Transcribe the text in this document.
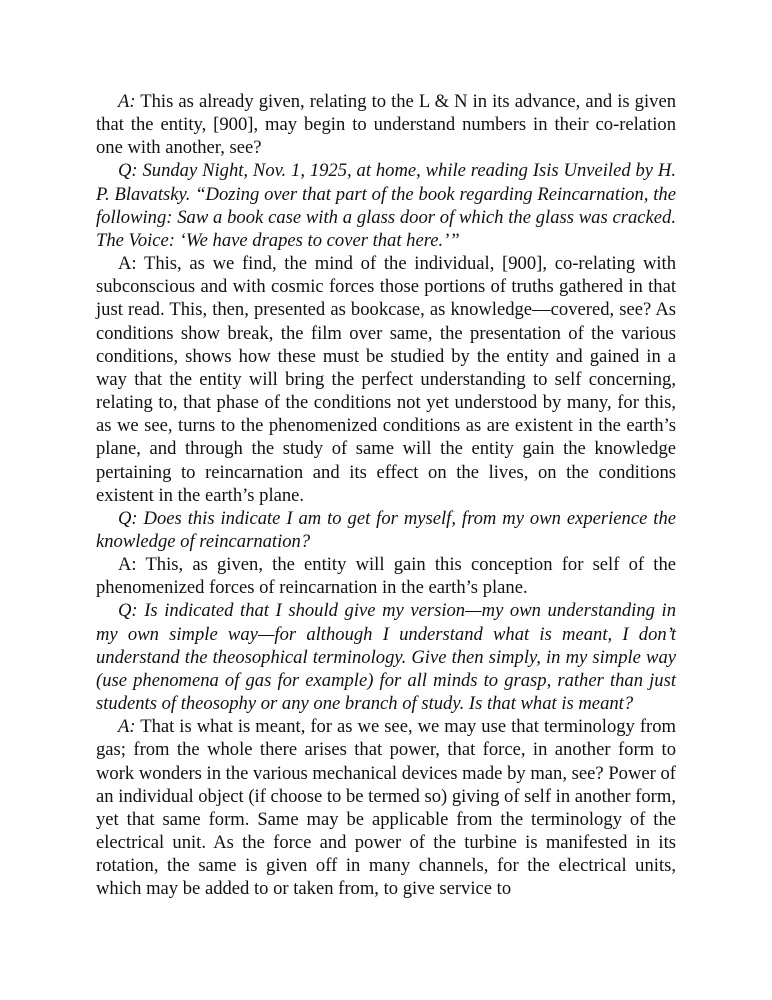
A: This as already given, relating to the L & N in its advance, and is given that the entity, [900], may begin to understand numbers in their co-relation one with another, see?

Q: Sunday Night, Nov. 1, 1925, at home, while reading Isis Unveiled by H. P. Blavatsky. “Dozing over that part of the book regarding Reincarnation, the following: Saw a book case with a glass door of which the glass was cracked. The Voice: ‘We have drapes to cover that here.’”

A: This, as we find, the mind of the individual, [900], co-relating with subconscious and with cosmic forces those portions of truths gathered in that just read. This, then, presented as bookcase, as knowledge—covered, see? As conditions show break, the film over same, the presentation of the various conditions, shows how these must be studied by the entity and gained in a way that the entity will bring the perfect understanding to self concerning, relating to, that phase of the conditions not yet understood by many, for this, as we see, turns to the phenomenized conditions as are existent in the earth’s plane, and through the study of same will the entity gain the knowledge pertaining to reincarnation and its effect on the lives, on the conditions existent in the earth’s plane.

Q: Does this indicate I am to get for myself, from my own experience the knowledge of reincarnation?

A: This, as given, the entity will gain this conception for self of the phenomenized forces of reincarnation in the earth’s plane.

Q: Is indicated that I should give my version—my own understanding in my own simple way—for although I understand what is meant, I don’t understand the theosophical terminology. Give then simply, in my simple way (use phenomena of gas for example) for all minds to grasp, rather than just students of theosophy or any one branch of study. Is that what is meant?

A: That is what is meant, for as we see, we may use that terminology from gas; from the whole there arises that power, that force, in another form to work wonders in the various mechanical devices made by man, see? Power of an individual object (if choose to be termed so) giving of self in another form, yet that same form. Same may be applicable from the terminology of the electrical unit. As the force and power of the turbine is manifested in its rotation, the same is given off in many channels, for the electrical units, which may be added to or taken from, to give service to
